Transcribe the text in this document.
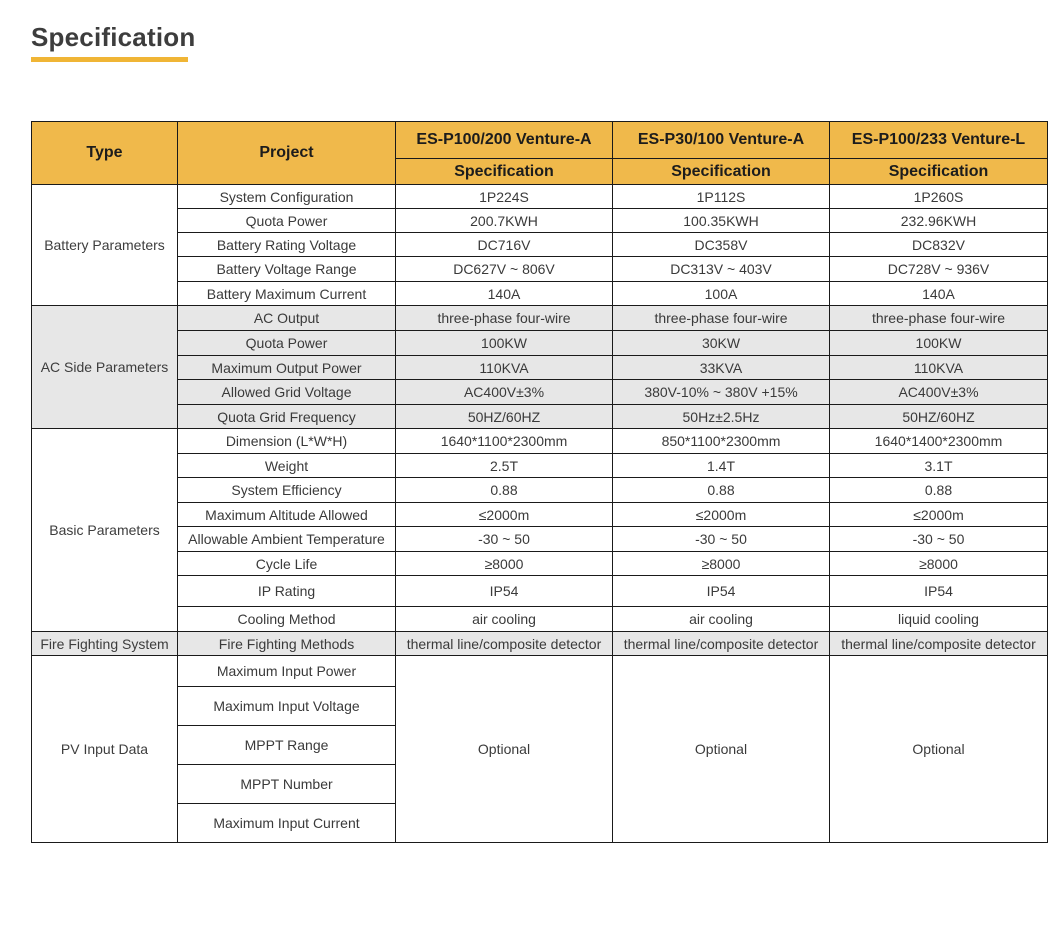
Specification
Type	Project	ES-P100/200 Venture-A	ES-P30/100 Venture-A	ES-P100/233 Venture-L
		Specification	Specification	Specification
Battery Parameters	System Configuration	1P224S	1P112S	1P260S
	Quota Power	200.7KWH	100.35KWH	232.96KWH
	Battery Rating Voltage	DC716V	DC358V	DC832V
	Battery Voltage Range	DC627V ~ 806V	DC313V ~ 403V	DC728V ~ 936V
	Battery Maximum Current	140A	100A	140A
AC Side Parameters	AC Output	three-phase four-wire	three-phase four-wire	three-phase four-wire
	Quota Power	100KW	30KW	100KW
	Maximum Output Power	110KVA	33KVA	110KVA
	Allowed Grid Voltage	AC400V±3%	380V-10% ~ 380V +15%	AC400V±3%
	Quota Grid Frequency	50HZ/60HZ	50Hz±2.5Hz	50HZ/60HZ
Basic Parameters	Dimension (L*W*H)	1640*1100*2300mm	850*1100*2300mm	1640*1400*2300mm
	Weight	2.5T	1.4T	3.1T
	System Efficiency	0.88	0.88	0.88
	Maximum Altitude Allowed	≤2000m	≤2000m	≤2000m
	Allowable Ambient Temperature	-30 ~ 50	-30 ~ 50	-30 ~ 50
	Cycle Life	≥8000	≥8000	≥8000
	IP Rating	IP54	IP54	IP54
	Cooling Method	air cooling	air cooling	liquid cooling
Fire Fighting System	Fire Fighting Methods	thermal line/composite detector	thermal line/composite detector	thermal line/composite detector
PV Input Data	Maximum Input Power	Optional	Optional	Optional
	Maximum Input Voltage			
	MPPT Range			
	MPPT Number			
	Maximum Input Current			
